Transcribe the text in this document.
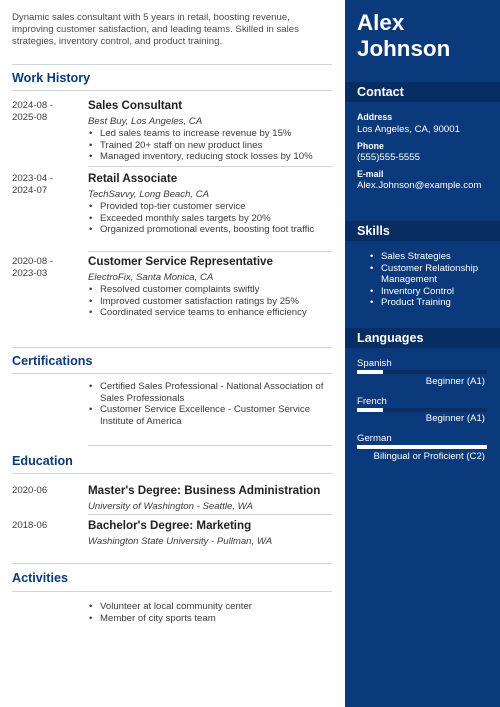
Dynamic sales consultant with 5 years in retail, boosting revenue, improving customer satisfaction, and leading teams. Skilled in sales strategies, inventory control, and product training.
Work History
2024-08 -
2025-08
Sales Consultant
Best Buy, Los Angeles, CA
• Led sales teams to increase revenue by 15%
• Trained 20+ staff on new product lines
• Managed inventory, reducing stock losses by 10%
2023-04 -
2024-07
Retail Associate
TechSavvy, Long Beach, CA
• Provided top-tier customer service
• Exceeded monthly sales targets by 20%
• Organized promotional events, boosting foot traffic
2020-08 -
2023-03
Customer Service Representative
ElectroFix, Santa Monica, CA
• Resolved customer complaints swiftly
• Improved customer satisfaction ratings by 25%
• Coordinated service teams to enhance efficiency
Certifications
• Certified Sales Professional - National Association of Sales Professionals
• Customer Service Excellence - Customer Service Institute of America
Education
2020-06	Master's Degree: Business Administration
University of Washington - Seattle, WA
2018-06	Bachelor's Degree: Marketing
Washington State University - Pullman, WA
Activities
• Volunteer at local community center
• Member of city sports team
Alex
Johnson
Contact
Address
Los Angeles, CA, 90001
Phone
(555)555-5555
E-mail
Alex.Johnson@example.com
Skills
• Sales Strategies
• Customer Relationship Management
• Inventory Control
• Product Training
Languages
Spanish
Beginner (A1)
French
Beginner (A1)
German
Bilingual or Proficient (C2)
